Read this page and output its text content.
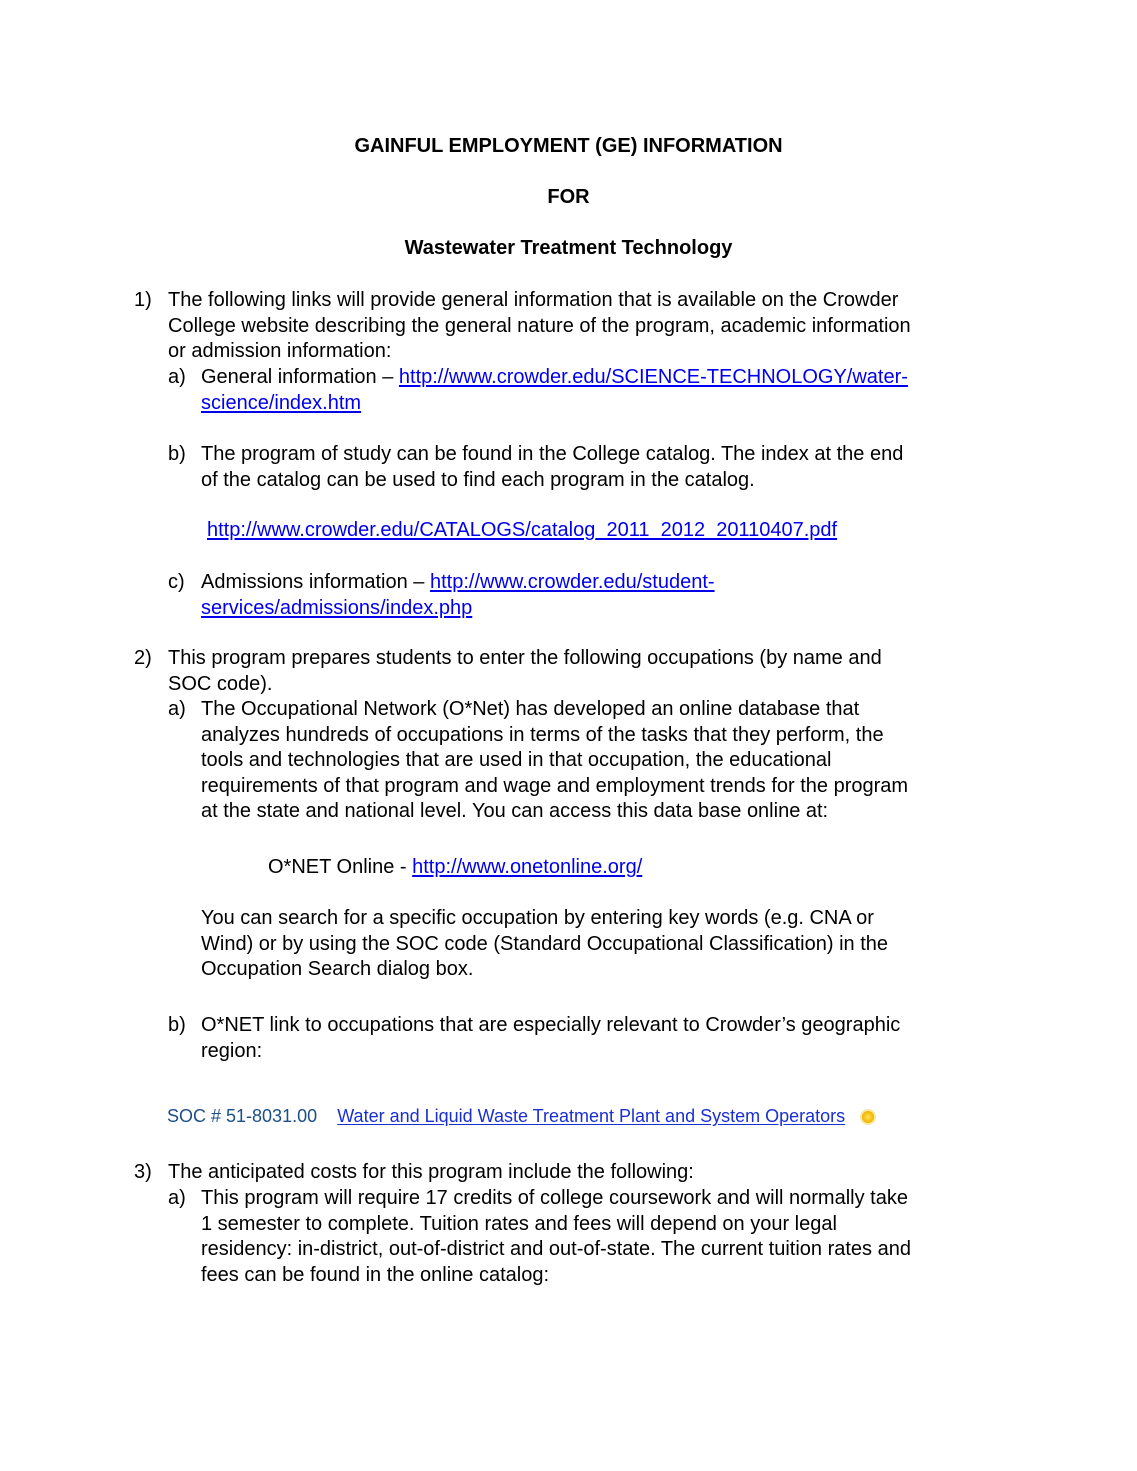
GAINFUL EMPLOYMENT (GE) INFORMATION
FOR
Wastewater Treatment Technology
1) The following links will provide general information that is available on the Crowder
College website describing the general nature of the program, academic information
or admission information:
a) General information – http://www.crowder.edu/SCIENCE-TECHNOLOGY/water-
science/index.htm
b) The program of study can be found in the College catalog. The index at the end
of the catalog can be used to find each program in the catalog.
http://www.crowder.edu/CATALOGS/catalog_2011_2012_20110407.pdf
c) Admissions information – http://www.crowder.edu/student-
services/admissions/index.php
2) This program prepares students to enter the following occupations (by name and
SOC code).
a) The Occupational Network (O*Net) has developed an online database that
analyzes hundreds of occupations in terms of the tasks that they perform, the
tools and technologies that are used in that occupation, the educational
requirements of that program and wage and employment trends for the program
at the state and national level. You can access this data base online at:
O*NET Online - http://www.onetonline.org/
You can search for a specific occupation by entering key words (e.g. CNA or
Wind) or by using the SOC code (Standard Occupational Classification) in the
Occupation Search dialog box.
b) O*NET link to occupations that are especially relevant to Crowder’s geographic
region:
SOC # 51-8031.00 Water and Liquid Waste Treatment Plant and System Operators
3) The anticipated costs for this program include the following:
a) This program will require 17 credits of college coursework and will normally take
1 semester to complete. Tuition rates and fees will depend on your legal
residency: in-district, out-of-district and out-of-state. The current tuition rates and
fees can be found in the online catalog:
